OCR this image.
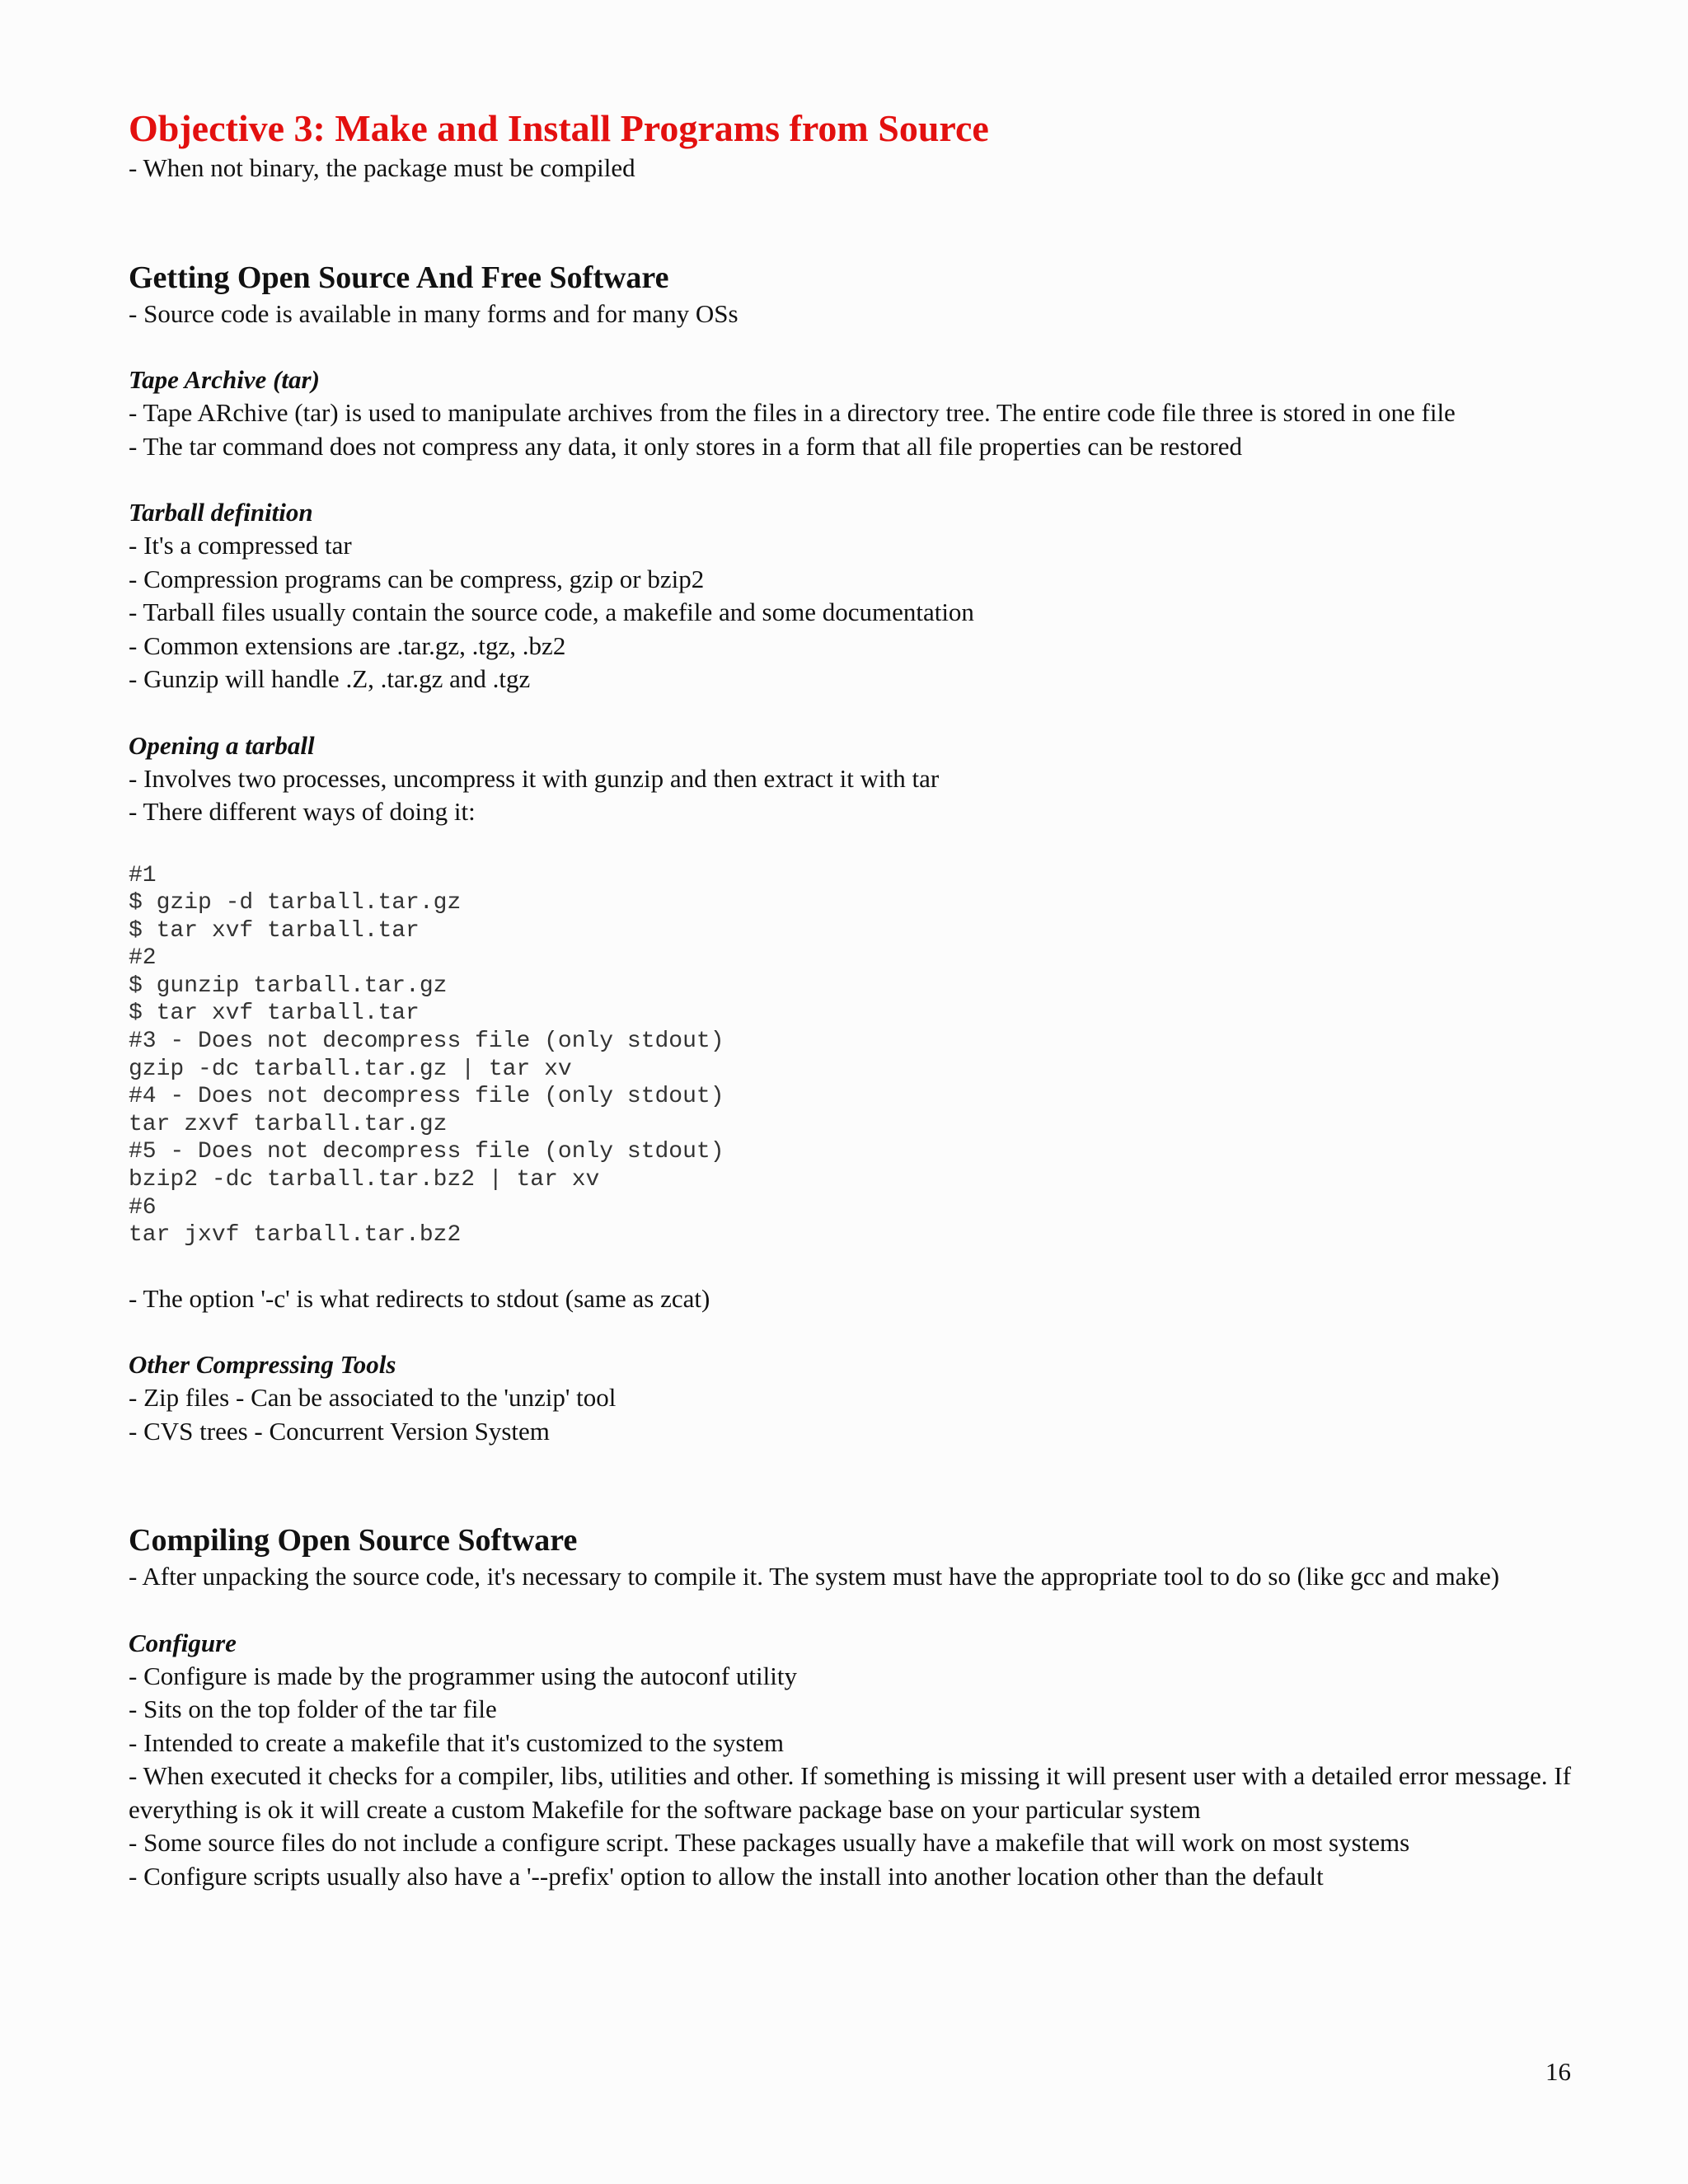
Objective 3: Make and Install Programs from Source
- When not binary, the package must be compiled
Getting Open Source And Free Software
- Source code is available in many forms and for many OSs
Tape Archive (tar)
- Tape ARchive (tar) is used to manipulate archives from the files in a directory tree. The entire code file three is stored in one file
- The tar command does not compress any data, it only stores in a form that all file properties can be restored
Tarball definition
- It's a compressed tar
- Compression programs can be compress, gzip or bzip2
- Tarball files usually contain the source code, a makefile and some documentation
- Common extensions are .tar.gz, .tgz, .bz2
- Gunzip will handle .Z, .tar.gz and .tgz
Opening a tarball
- Involves two processes, uncompress it with gunzip and then extract it with tar
- There different ways of doing it:
#1
$ gzip -d tarball.tar.gz
$ tar xvf tarball.tar
#2
$ gunzip tarball.tar.gz
$ tar xvf tarball.tar
#3 - Does not decompress file (only stdout)
gzip -dc tarball.tar.gz | tar xv
#4 - Does not decompress file (only stdout)
tar zxvf tarball.tar.gz
#5 - Does not decompress file (only stdout)
bzip2 -dc tarball.tar.bz2 | tar xv
#6
tar jxvf tarball.tar.bz2

- The option '-c' is what redirects to stdout (same as zcat)

Other Compressing Tools
- Zip files - Can be associated to the 'unzip' tool
- CVS trees - Concurrent Version System
Compiling Open Source Software
- After unpacking the source code, it's necessary to compile it. The system must have the appropriate tool to do so (like gcc and make)
Configure
- Configure is made by the programmer using the autoconf utility
- Sits on the top folder of the tar file
- Intended to create a makefile that it's customized to the system
- When executed it checks for a compiler, libs, utilities and other. If something is missing it will present user with a detailed error message. If everything is ok it will create a custom Makefile for the software package base on your particular system
- Some source files do not include a configure script. These packages usually have a makefile that will work on most systems
- Configure scripts usually also have a '--prefix' option to allow the install into another location other than the default
16
